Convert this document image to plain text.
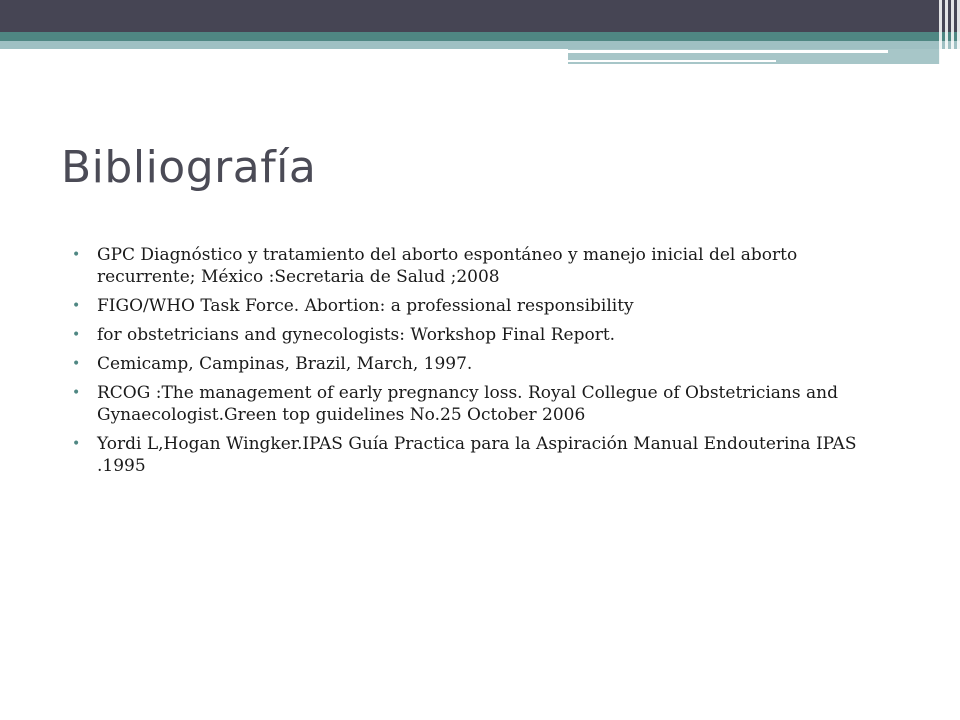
Bibliografía
• GPC Diagnóstico y tratamiento del aborto espontáneo y manejo inicial del aborto recurrente; México :Secretaria de Salud ;2008
• FIGO/WHO Task Force. Abortion: a professional responsibility
• for obstetricians and gynecologists: Workshop Final Report.
• Cemicamp, Campinas, Brazil, March, 1997.
• RCOG :The management of early pregnancy loss. Royal Collegue of Obstetricians and Gynaecologist.Green top guidelines No.25 October 2006
• Yordi L,Hogan Wingker.IPAS Guía Practica para la Aspiración Manual Endouterina IPAS .1995
